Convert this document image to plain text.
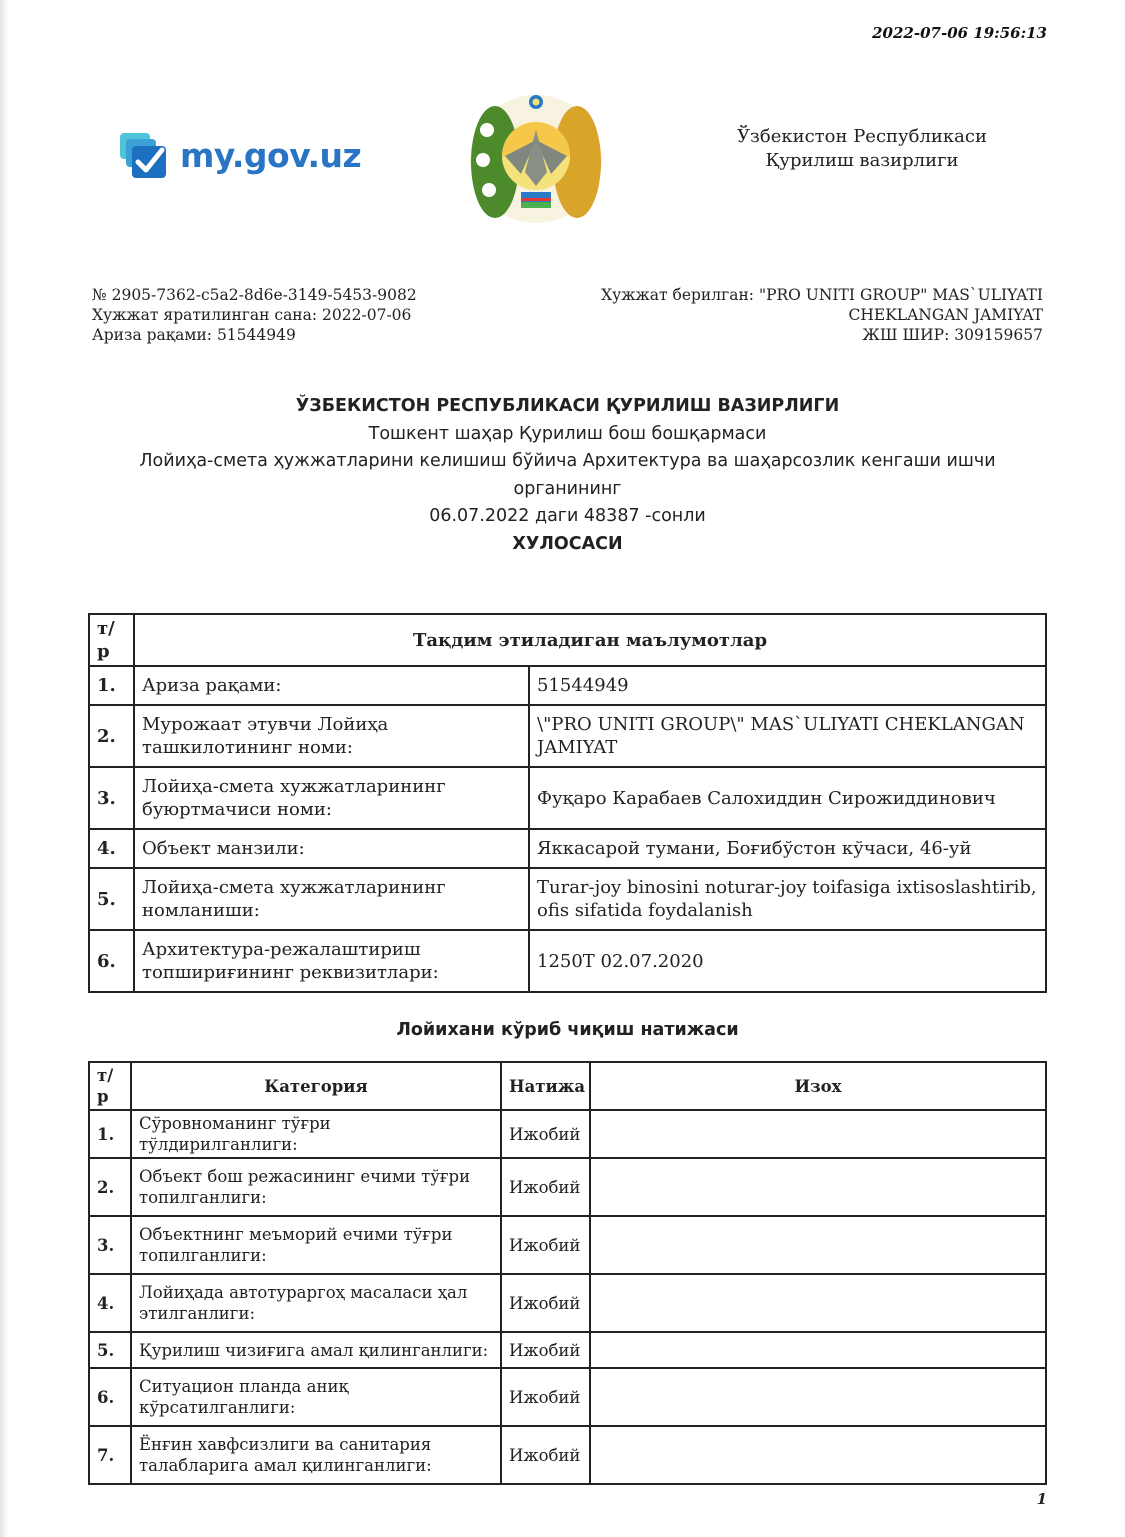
2022-07-06 19:56:13
my.gov.uz	Ўзбекистон Республикаси
Қурилиш вазирлиги
№ 2905-7362-c5a2-8d6e-3149-5453-9082
Хужжат яратилинган сана: 2022-07-06
Ариза рақами: 51544949
Хужжат берилган: "PRO UNITI GROUP" MAS`ULIYATI
CHEKLANGAN JAMIYAT
ЖШ ШИР: 309159657
ЎЗБЕКИСТОН РЕСПУБЛИКАСИ ҚУРИЛИШ ВАЗИРЛИГИ
Тошкент шаҳар Қурилиш бош бошқармаси
Лойиҳа-смета ҳужжатларини келишиш бўйича Архитектура ва шаҳарсозлик кенгаши ишчи органининг
06.07.2022 даги 48387 -сонли
ХУЛОСАСИ
т/р	Тақдим этиладиган маълумотлар	
1.	Ариза рақами:	51544949
2.	Мурожаат этувчи Лойиҳа ташкилотининг номи:	\"PRO UNITI GROUP\" MAS`ULIYATI CHEKLANGAN JAMIYAT
3.	Лойиҳа-смета хужжатларининг буюртмачиси номи:	Фуқаро Карабаев Салохиддин Сирожиддинович
4.	Объект манзили:	Яккасарой тумани, Боғибўстон кўчаси, 46-уй
5.	Лойиҳа-смета хужжатларининг номланиши:	Turar-joy binosini noturar-joy toifasiga ixtisoslashtirib, ofis sifatida foydalanish
6.	Архитектура-режалаштириш топшириғининг реквизитлари:	1250Т 02.07.2020
Лойихани кўриб чиқиш натижаси
т/р	Категория	Натижа	Изох
1.	Сўровноманинг тўғри тўлдирилганлиги:	Ижобий	
2.	Объект бош режасининг ечими тўғри топилганлиги:	Ижобий	
3.	Объектнинг меъморий ечими тўғри топилганлиги:	Ижобий	
4.	Лойиҳада автотураргоҳ масаласи ҳал этилганлиги:	Ижобий	
5.	Қурилиш чизиғига амал қилинганлиги:	Ижобий	
6.	Ситуацион пландa аниқ кўрсатилганлиги:	Ижобий	
7.	Ёнғин хавфсизлиги ва санитария талабларига амал қилинганлиги:	Ижобий	
1
